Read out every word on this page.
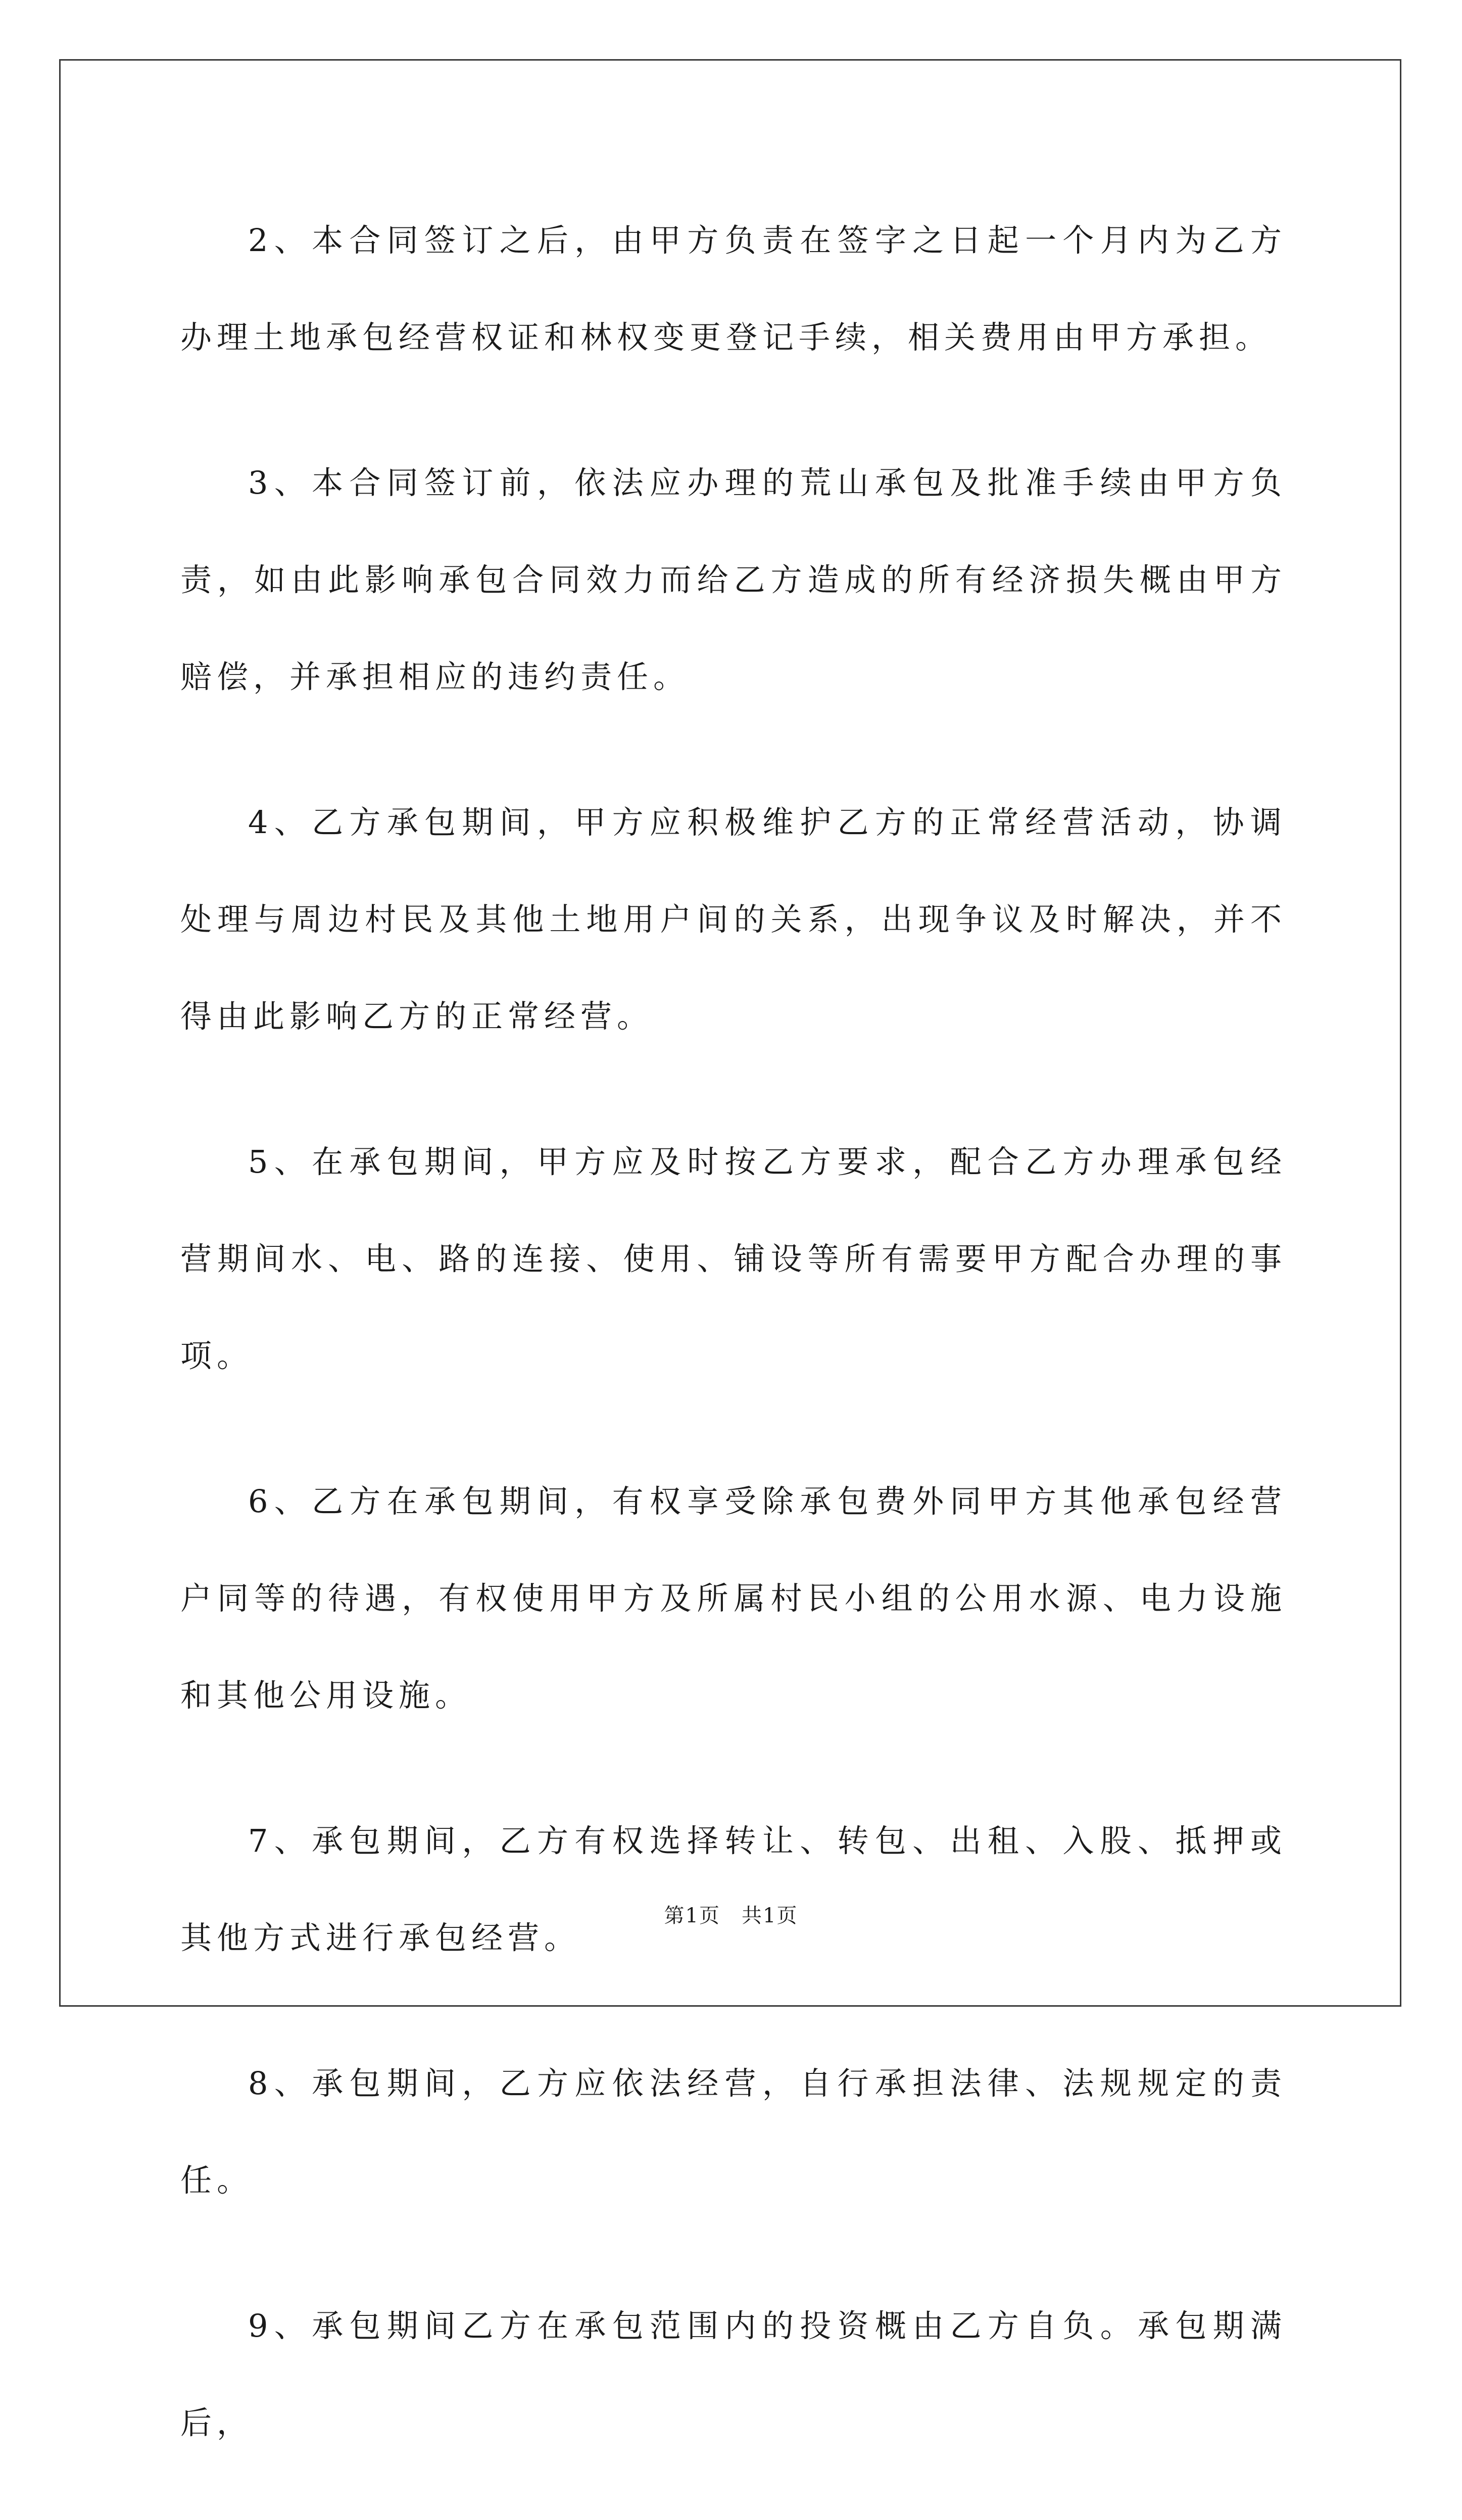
2、本合同签订之后，由甲方负责在签字之日起一个月内为乙方办理土地承包经营权证和林权变更登记手续，相关费用由甲方承担。

3、本合同签订前，依法应办理的荒山承包及批准手续由甲方负责，如由此影响承包合同效力而给乙方造成的所有经济损失概由甲方赔偿，并承担相应的违约责任。

4、乙方承包期间，甲方应积极维护乙方的正常经营活动，协调处理与周边村民及其他土地用户间的关系，出现争议及时解决，并不得由此影响乙方的正常经营。

5、在承包期间，甲方应及时按乙方要求，配合乙方办理承包经营期间水、电、路的连接、使用、铺设等所有需要甲方配合办理的事项。

6、乙方在承包期间，有权享受除承包费外同甲方其他承包经营户同等的待遇，有权使用甲方及所属村民小组的公用水源、电力设施和其他公用设施。

7、承包期间，乙方有权选择转让、转包、出租、入股、抵押或其他方式进行承包经营。

8、承包期间，乙方应依法经营，自行承担法律、法规规定的责任。

9、承包期间乙方在承包范围内的投资概由乙方自负。承包期满后，

第1页　共1页
